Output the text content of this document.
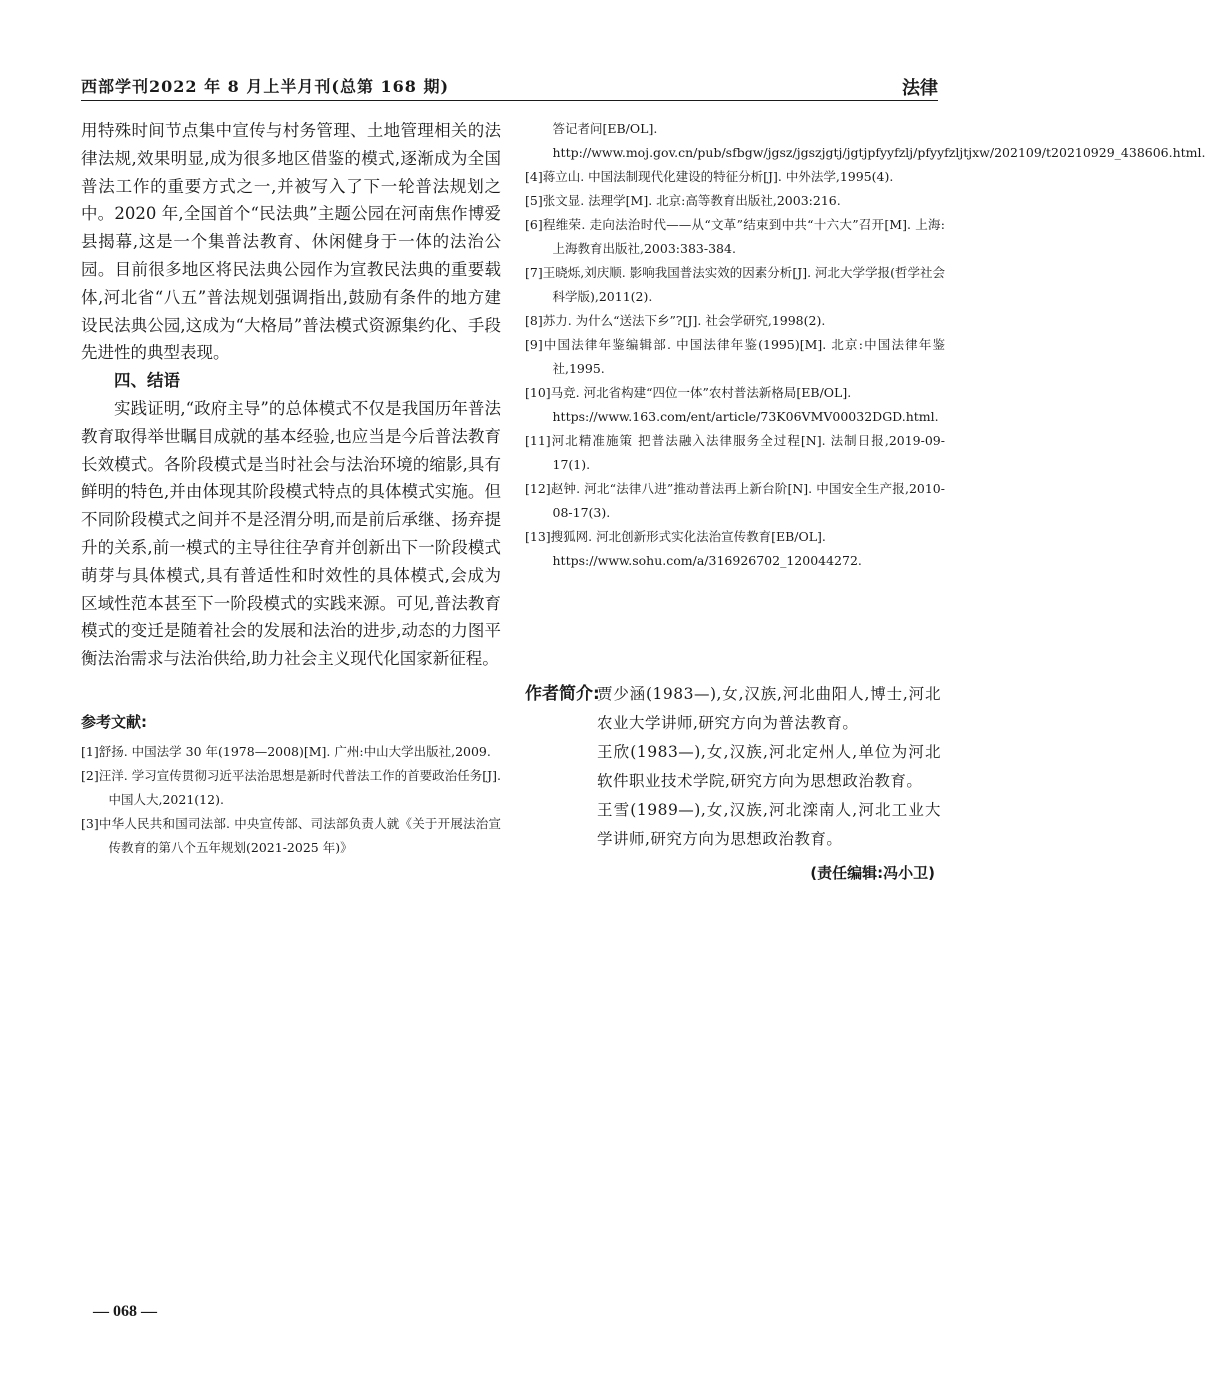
西部学刊2022 年 8 月上半月刊(总第 168 期)	法律

用特殊时间节点集中宣传与村务管理、土地管理相关的法律法规,效果明显,成为很多地区借鉴的模式,逐渐成为全国普法工作的重要方式之一,并被写入了下一轮普法规划之中。2020 年,全国首个“民法典”主题公园在河南焦作博爱县揭幕,这是一个集普法教育、休闲健身于一体的法治公园。目前很多地区将民法典公园作为宣教民法典的重要载体,河北省“八五”普法规划强调指出,鼓励有条件的地方建设民法典公园,这成为“大格局”普法模式资源集约化、手段先进性的典型表现。

四、结语

实践证明,“政府主导”的总体模式不仅是我国历年普法教育取得举世瞩目成就的基本经验,也应当是今后普法教育长效模式。各阶段模式是当时社会与法治环境的缩影,具有鲜明的特色,并由体现其阶段模式特点的具体模式实施。但不同阶段模式之间并不是泾渭分明,而是前后承继、扬弃提升的关系,前一模式的主导往往孕育并创新出下一阶段模式萌芽与具体模式,具有普适性和时效性的具体模式,会成为区域性范本甚至下一阶段模式的实践来源。可见,普法教育模式的变迁是随着社会的发展和法治的进步,动态的力图平衡法治需求与法治供给,助力社会主义现代化国家新征程。

参考文献:

[1]舒扬. 中国法学 30 年(1978—2008)[M]. 广州:中山大学出版社,2009.

[2]汪洋. 学习宣传贯彻习近平法治思想是新时代普法工作的首要政治任务[J]. 中国人大,2021(12).

[3]中华人民共和国司法部. 中央宣传部、司法部负责人就《关于开展法治宣传教育的第八个五年规划(2021-2025 年)》

答记者问[EB/OL].

http://www.moj.gov.cn/pub/sfbgw/jgsz/jgszjgtj/jgtjpfyyfzlj/pfyyfzljtjxw/202109/t20210929_438606.html.

[4]蒋立山. 中国法制现代化建设的特征分析[J]. 中外法学,1995(4).

[5]张文显. 法理学[M]. 北京:高等教育出版社,2003:216.

[6]程维荣. 走向法治时代——从“文革”结束到中共“十六大”召开[M]. 上海:上海教育出版社,2003:383-384.

[7]王晓烁,刘庆顺. 影响我国普法实效的因素分析[J]. 河北大学学报(哲学社会科学版),2011(2).

[8]苏力. 为什么“送法下乡”?[J]. 社会学研究,1998(2).

[9]中国法律年鉴编辑部. 中国法律年鉴(1995)[M]. 北京:中国法律年鉴社,1995.

[10]马竞. 河北省构建“四位一体”农村普法新格局[EB/OL].

https://www.163.com/ent/article/73K06VMV00032DGD.html.

[11]河北精准施策 把普法融入法律服务全过程[N]. 法制日报,2019-09-17(1).

[12]赵钟. 河北“法律八进”推动普法再上新台阶[N]. 中国安全生产报,2010-08-17(3).

[13]搜狐网. 河北创新形式实化法治宣传教育[EB/OL].

https://www.sohu.com/a/316926702_120044272.

作者简介:

贾少涵(1983—),女,汉族,河北曲阳人,博士,河北农业大学讲师,研究方向为普法教育。

王欣(1983—),女,汉族,河北定州人,单位为河北软件职业技术学院,研究方向为思想政治教育。

王雪(1989—),女,汉族,河北滦南人,河北工业大学讲师,研究方向为思想政治教育。

(责任编辑:冯小卫)
— 068 —
